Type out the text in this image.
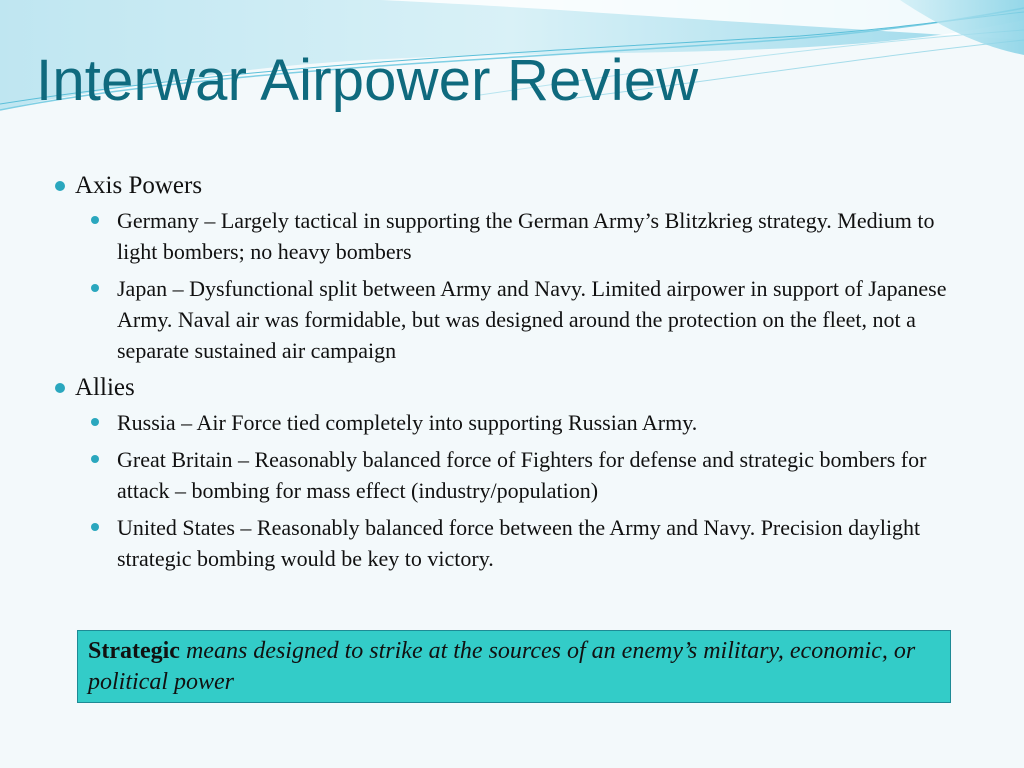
Interwar Airpower Review
Axis Powers
Germany – Largely tactical in supporting the German Army’s Blitzkrieg strategy. Medium to light bombers; no heavy bombers
Japan – Dysfunctional split between Army and Navy. Limited airpower in support of Japanese Army. Naval air was formidable, but was designed around the protection on the fleet, not a separate sustained air campaign
Allies
Russia – Air Force tied completely into supporting Russian Army.
Great Britain – Reasonably balanced force of Fighters for defense and strategic bombers for attack – bombing for mass effect (industry/population)
United States – Reasonably balanced force between the Army and Navy. Precision daylight strategic bombing would be key to victory.
Strategic means designed to strike at the sources of an enemy’s military, economic, or political power
